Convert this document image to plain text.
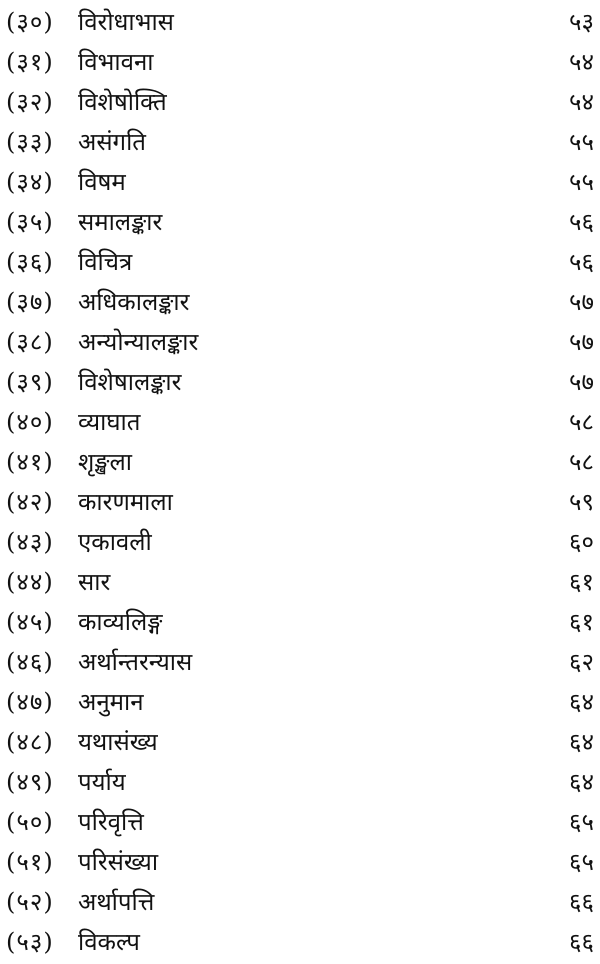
(३०) विरोधाभास	५३
(३१) विभावना	५४
(३२) विशेषोक्ति	५४
(३३) असंगति	५५
(३४) विषम	५५
(३५) समालङ्कार	५६
(३६) विचित्र	५६
(३७) अधिकालङ्कार	५७
(३८) अन्योन्यालङ्कार	५७
(३९) विशेषालङ्कार	५७
(४०) व्याघात	५८
(४१) श‍ृङ्खला	५८
(४२) कारणमाला	५९
(४३) एकावली	६०
(४४) सार	६१
(४५) काव्यलिङ्ग	६१
(४६) अर्थान्तरन्यास	६२
(४७) अनुमान	६४
(४८) यथासंख्य	६४
(४९) पर्याय	६४
(५०) परिवृत्ति	६५
(५१) परिसंख्या	६५
(५२) अर्थापत्ति	६६
(५३) विकल्प	६६
